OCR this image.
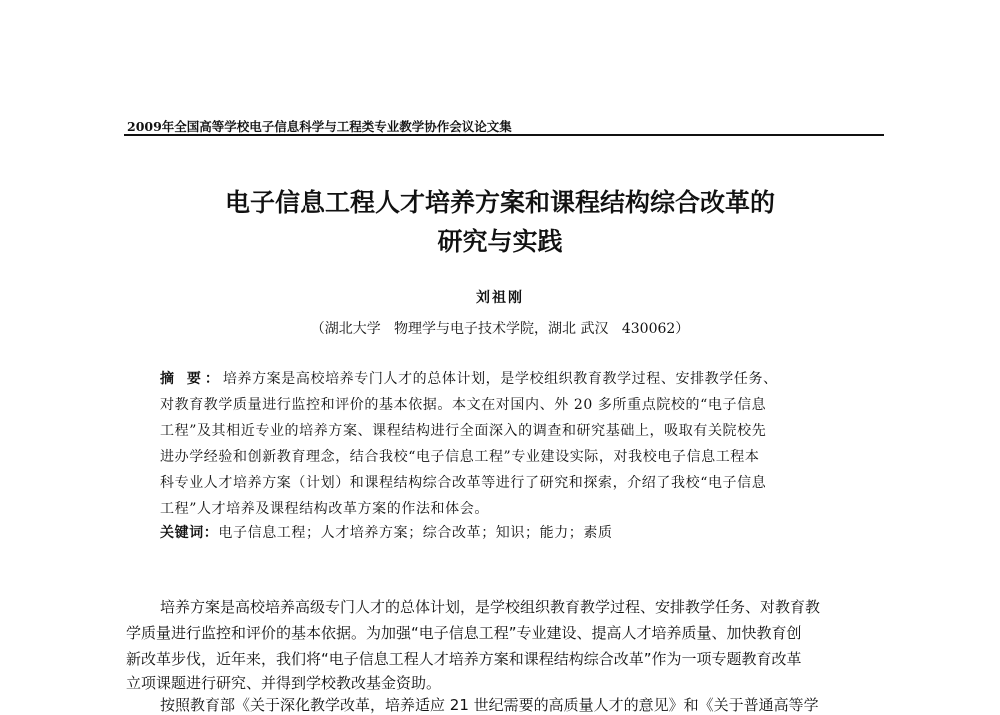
2009年全国高等学校电子信息科学与工程类专业教学协作会议论文集
电子信息工程人才培养方案和课程结构综合改革的
研究与实践
刘祖刚
（湖北大学   物理学与电子技术学院，湖北 武汉   430062）
摘 要：培养方案是高校培养专门人才的总体计划，是学校组织教育教学过程、安排教学任务、
对教育教学质量进行监控和评价的基本依据。本文在对国内、外 20 多所重点院校的“电子信息
工程”及其相近专业的培养方案、课程结构进行全面深入的调查和研究基础上，吸取有关院校先
进办学经验和创新教育理念，结合我校“电子信息工程”专业建设实际，对我校电子信息工程本
科专业人才培养方案（计划）和课程结构综合改革等进行了研究和探索，介绍了我校“电子信息
工程”人才培养及课程结构改革方案的作法和体会。
关键词：电子信息工程；人才培养方案；综合改革；知识；能力；素质
培养方案是高校培养高级专门人才的总体计划，是学校组织教育教学过程、安排教学任务、对教育教
学质量进行监控和评价的基本依据。为加强“电子信息工程”专业建设、提高人才培养质量、加快教育创
新改革步伐，近年来，我们将“电子信息工程人才培养方案和课程结构综合改革”作为一项专题教育改革
立项课题进行研究、并得到学校教改基金资助。
按照教育部《关于深化教学改革，培养适应 21 世纪需要的高质量人才的意见》和《关于普通高等学
